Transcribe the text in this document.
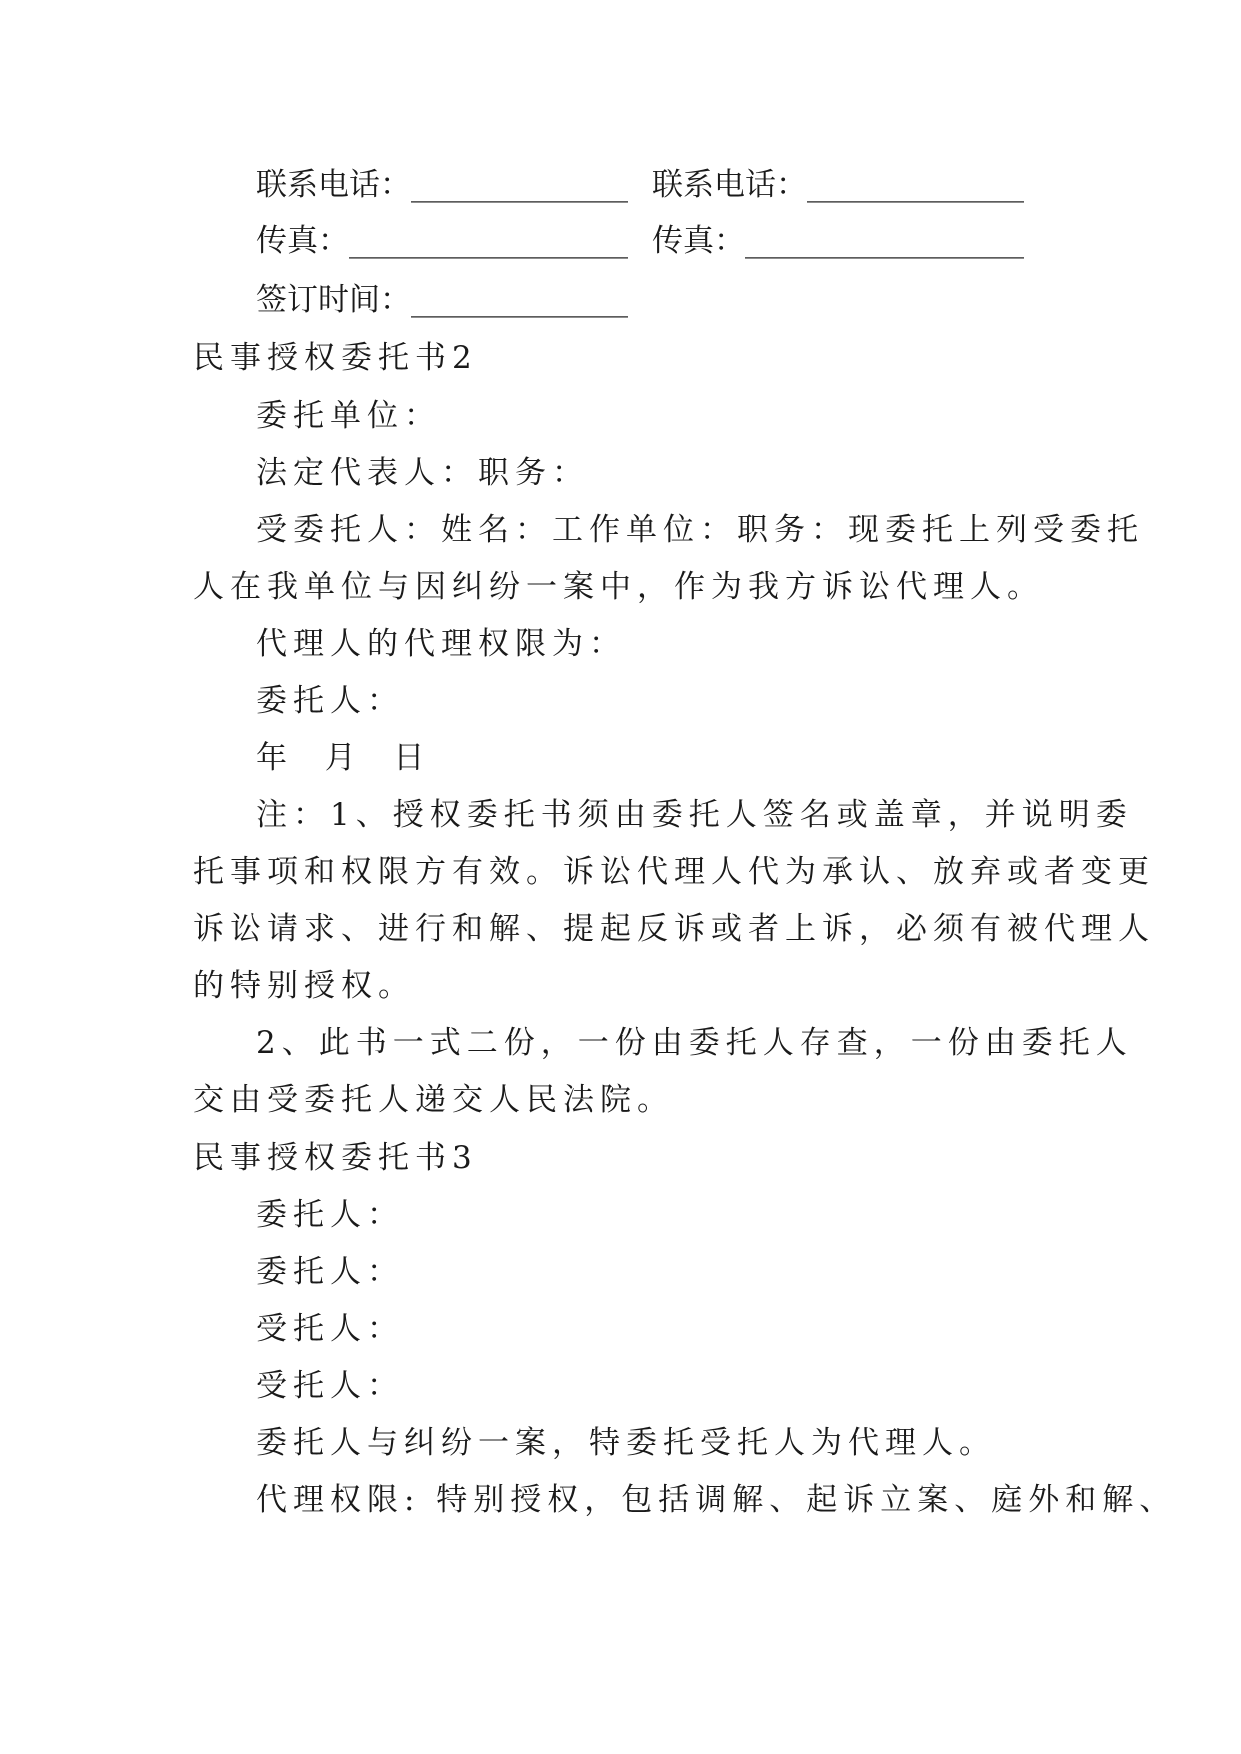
联系电话：______________ 联系电话：______________
传真：__________________ 传真：__________________
签订时间：______________
民事授权委托书2
委托单位：
法定代表人：职务：
受委托人：姓名：工作单位：职务：现委托上列受委托
人在我单位与因纠纷一案中，作为我方诉讼代理人。
代理人的代理权限为：
委托人：
年  月  日
注：1、授权委托书须由委托人签名或盖章，并说明委
托事项和权限方有效。诉讼代理人代为承认、放弃或者变更
诉讼请求、进行和解、提起反诉或者上诉，必须有被代理人
的特别授权。
2、此书一式二份，一份由委托人存查，一份由委托人
交由受委托人递交人民法院。
民事授权委托书3
委托人：
委托人：
受托人：
受托人：
委托人与纠纷一案，特委托受托人为代理人。
代理权限: 特别授权，包括调解、起诉立案、庭外和解、
